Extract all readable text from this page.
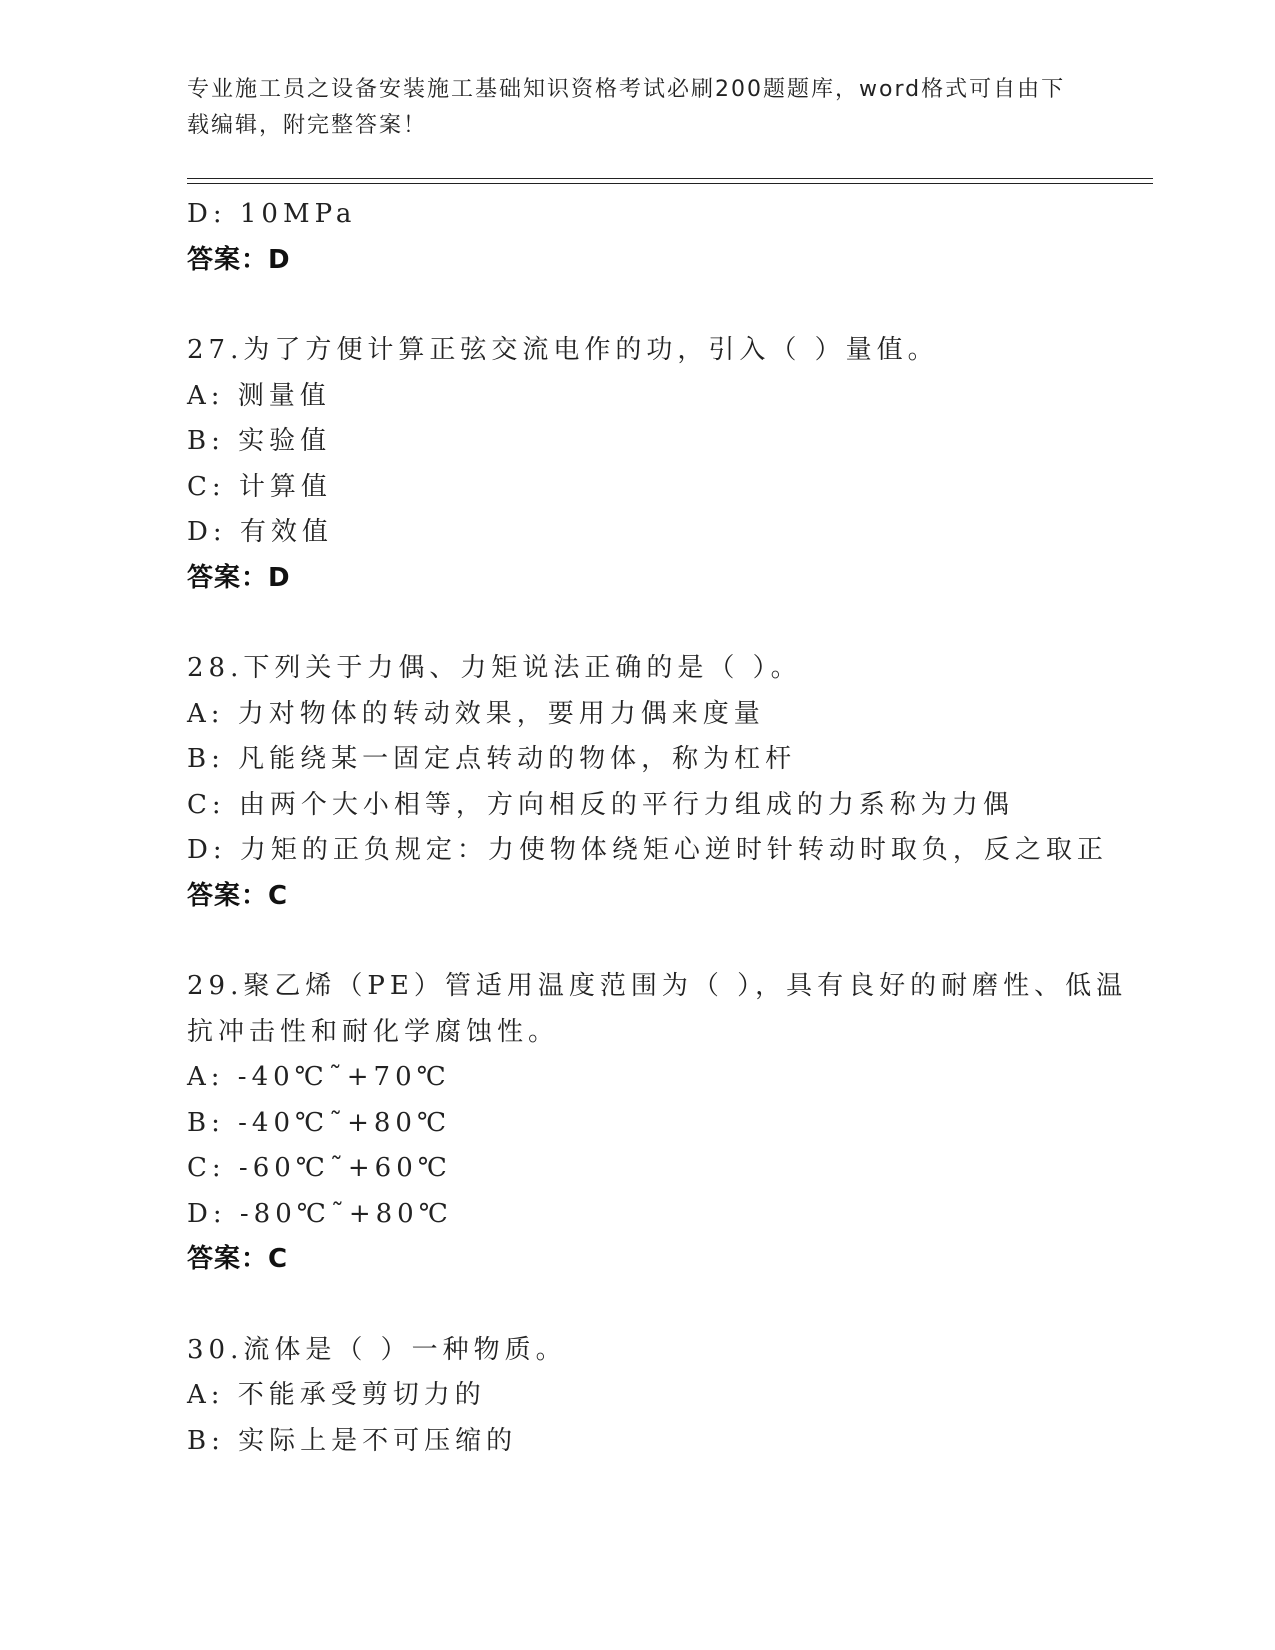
专业施工员之设备安装施工基础知识资格考试必刷200题题库，word格式可自由下载编辑，附完整答案！
D: 10MPa
答案：D
27.为了方便计算正弦交流电作的功，引入（ ）量值。
A: 测量值
B: 实验值
C: 计算值
D: 有效值
答案：D
28.下列关于力偶、力矩说法正确的是（ ）。
A: 力对物体的转动效果，要用力偶来度量
B: 凡能绕某一固定点转动的物体，称为杠杆
C: 由两个大小相等，方向相反的平行力组成的力系称为力偶
D: 力矩的正负规定：力使物体绕矩心逆时针转动时取负，反之取正
答案：C
29.聚乙烯（PE）管适用温度范围为（ ），具有良好的耐磨性、低温抗冲击性和耐化学腐蚀性。
A: -40℃˜+70℃
B: -40℃˜+80℃
C: -60℃˜+60℃
D: -80℃˜+80℃
答案：C
30.流体是（ ）一种物质。
A: 不能承受剪切力的
B: 实际上是不可压缩的
